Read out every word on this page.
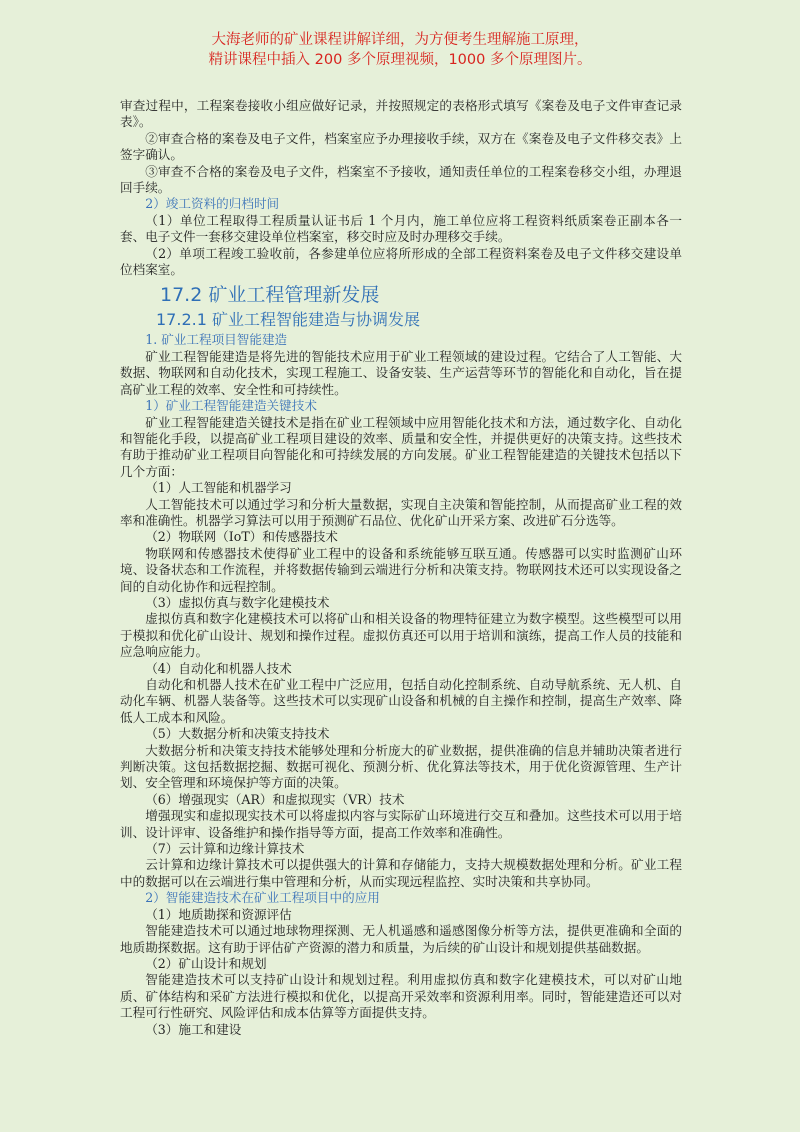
大海老师的矿业课程讲解详细，为方便考生理解施工原理，
精讲课程中插入 200 多个原理视频，1000 多个原理图片。

审查过程中，工程案卷接收小组应做好记录，并按照规定的表格形式填写《案卷及电子文件审查记录表》。

②审查合格的案卷及电子文件，档案室应予办理接收手续，双方在《案卷及电子文件移交表》上签字确认。

③审查不合格的案卷及电子文件，档案室不予接收，通知责任单位的工程案卷移交小组，办理退回手续。

2）竣工资料的归档时间

（1）单位工程取得工程质量认证书后 1 个月内，施工单位应将工程资料纸质案卷正副本各一套、电子文件一套移交建设单位档案室，移交时应及时办理移交手续。

（2）单项工程竣工验收前，各参建单位应将所形成的全部工程资料案卷及电子文件移交建设单位档案室。

17.2 矿业工程管理新发展

17.2.1 矿业工程智能建造与协调发展

1. 矿业工程项目智能建造

矿业工程智能建造是将先进的智能技术应用于矿业工程领域的建设过程。它结合了人工智能、大数据、物联网和自动化技术，实现工程施工、设备安装、生产运营等环节的智能化和自动化，旨在提高矿业工程的效率、安全性和可持续性。

1）矿业工程智能建造关键技术

矿业工程智能建造关键技术是指在矿业工程领域中应用智能化技术和方法，通过数字化、自动化和智能化手段，以提高矿业工程项目建设的效率、质量和安全性，并提供更好的决策支持。这些技术有助于推动矿业工程项目向智能化和可持续发展的方向发展。矿业工程智能建造的关键技术包括以下几个方面：

（1）人工智能和机器学习

人工智能技术可以通过学习和分析大量数据，实现自主决策和智能控制，从而提高矿业工程的效率和准确性。机器学习算法可以用于预测矿石品位、优化矿山开采方案、改进矿石分选等。

（2）物联网（IoT）和传感器技术

物联网和传感器技术使得矿业工程中的设备和系统能够互联互通。传感器可以实时监测矿山环境、设备状态和工作流程，并将数据传输到云端进行分析和决策支持。物联网技术还可以实现设备之间的自动化协作和远程控制。

（3）虚拟仿真与数字化建模技术

虚拟仿真和数字化建模技术可以将矿山和相关设备的物理特征建立为数字模型。这些模型可以用于模拟和优化矿山设计、规划和操作过程。虚拟仿真还可以用于培训和演练，提高工作人员的技能和应急响应能力。

（4）自动化和机器人技术

自动化和机器人技术在矿业工程中广泛应用，包括自动化控制系统、自动导航系统、无人机、自动化车辆、机器人装备等。这些技术可以实现矿山设备和机械的自主操作和控制，提高生产效率、降低人工成本和风险。

（5）大数据分析和决策支持技术

大数据分析和决策支持技术能够处理和分析庞大的矿业数据，提供准确的信息并辅助决策者进行判断决策。这包括数据挖掘、数据可视化、预测分析、优化算法等技术，用于优化资源管理、生产计划、安全管理和环境保护等方面的决策。

（6）增强现实（AR）和虚拟现实（VR）技术

增强现实和虚拟现实技术可以将虚拟内容与实际矿山环境进行交互和叠加。这些技术可以用于培训、设计评审、设备维护和操作指导等方面，提高工作效率和准确性。

（7）云计算和边缘计算技术

云计算和边缘计算技术可以提供强大的计算和存储能力，支持大规模数据处理和分析。矿业工程中的数据可以在云端进行集中管理和分析，从而实现远程监控、实时决策和共享协同。

2）智能建造技术在矿业工程项目中的应用

（1）地质勘探和资源评估

智能建造技术可以通过地球物理探测、无人机遥感和遥感图像分析等方法，提供更准确和全面的地质勘探数据。这有助于评估矿产资源的潜力和质量，为后续的矿山设计和规划提供基础数据。

（2）矿山设计和规划

智能建造技术可以支持矿山设计和规划过程。利用虚拟仿真和数字化建模技术，可以对矿山地质、矿体结构和采矿方法进行模拟和优化，以提高开采效率和资源利用率。同时，智能建造还可以对工程可行性研究、风险评估和成本估算等方面提供支持。

（3）施工和建设
